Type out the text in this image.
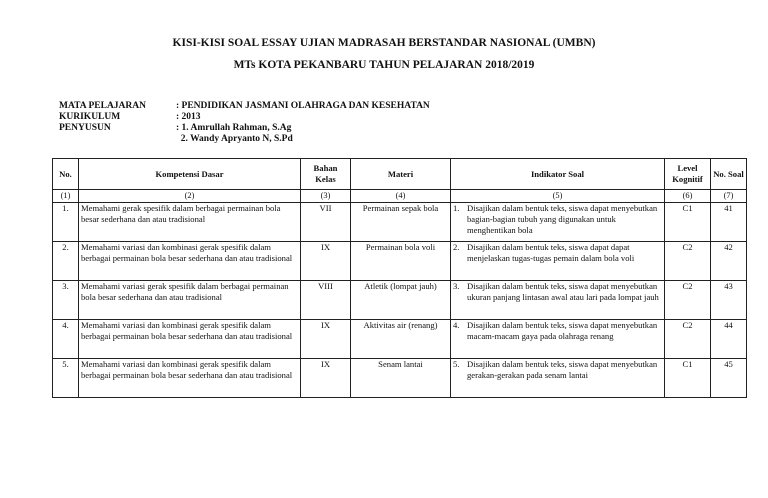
KISI-KISI SOAL ESSAY UJIAN MADRASAH BERSTANDAR NASIONAL (UMBN)
MTs KOTA PEKANBARU TAHUN PELAJARAN 2018/2019
MATA PELAJARAN	: PENDIDIKAN JASMANI OLAHRAGA DAN KESEHATAN
KURIKULUM	: 2013
PENYUSUN	: 1. Amrullah Rahman, S.Ag
2. Wandy Apryanto N, S.Pd
No.	Kompetensi Dasar	Bahan Kelas	Materi	Indikator Soal	Level Kognitif	No. Soal
(1)	(2)	(3)	(4)	(5)	(6)	(7)
1.	Memahami gerak spesifik dalam berbagai permainan bola besar sederhana dan atau tradisional	VII	Permainan sepak bola	1. Disajikan dalam bentuk teks, siswa dapat menyebutkan bagian-bagian tubuh yang digunakan untuk menghentikan bola	C1	41
2.	Memahami variasi dan kombinasi gerak spesifik dalam berbagai permainan bola besar sederhana dan atau tradisional	IX	Permainan bola voli	2. Disajikan dalam bentuk teks, siswa dapat dapat menjelaskan tugas-tugas pemain dalam bola voli	C2	42
3.	Memahami variasi gerak spesifik dalam berbagai permainan bola besar sederhana dan atau tradisional	VIII	Atletik (lompat jauh)	3. Disajikan dalam bentuk teks, siswa dapat menyebutkan ukuran panjang lintasan awal atau lari pada lompat jauh	C2	43
4.	Memahami variasi dan kombinasi gerak spesifik dalam berbagai permainan bola besar sederhana dan atau tradisional	IX	Aktivitas air (renang)	4. Disajikan dalam bentuk teks, siswa dapat menyebutkan macam-macam gaya pada olahraga renang	C2	44
5.	Memahami variasi dan kombinasi gerak spesifik dalam berbagai permainan bola besar sederhana dan atau tradisional	IX	Senam lantai	5. Disajikan dalam bentuk teks, siswa dapat menyebutkan gerakan-gerakan pada senam lantai	C1	45
